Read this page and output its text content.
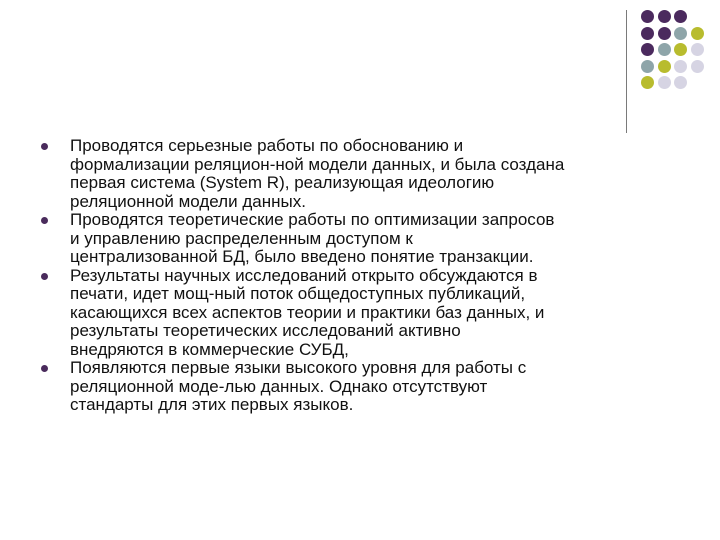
Проводятся серьезные работы по обоснованию и
формализации реляцион-ной модели данных, и была создана
первая система (System R), реализующая идеологию
реляционной модели данных.
Проводятся теоретические работы по оптимизации запросов
и управлению распределенным доступом к
централизованной БД, было введено понятие транзакции.
Результаты научных исследований открыто обсуждаются в
печати, идет мощ-ный поток общедоступных публикаций,
касающихся всех аспектов теории и практики баз данных, и
результаты теоретических исследований активно
внедряются в коммерческие СУБД,
Появляются первые языки высокого уровня для работы с
реляционной моде-лью данных. Однако отсутствуют
стандарты для этих первых языков.
